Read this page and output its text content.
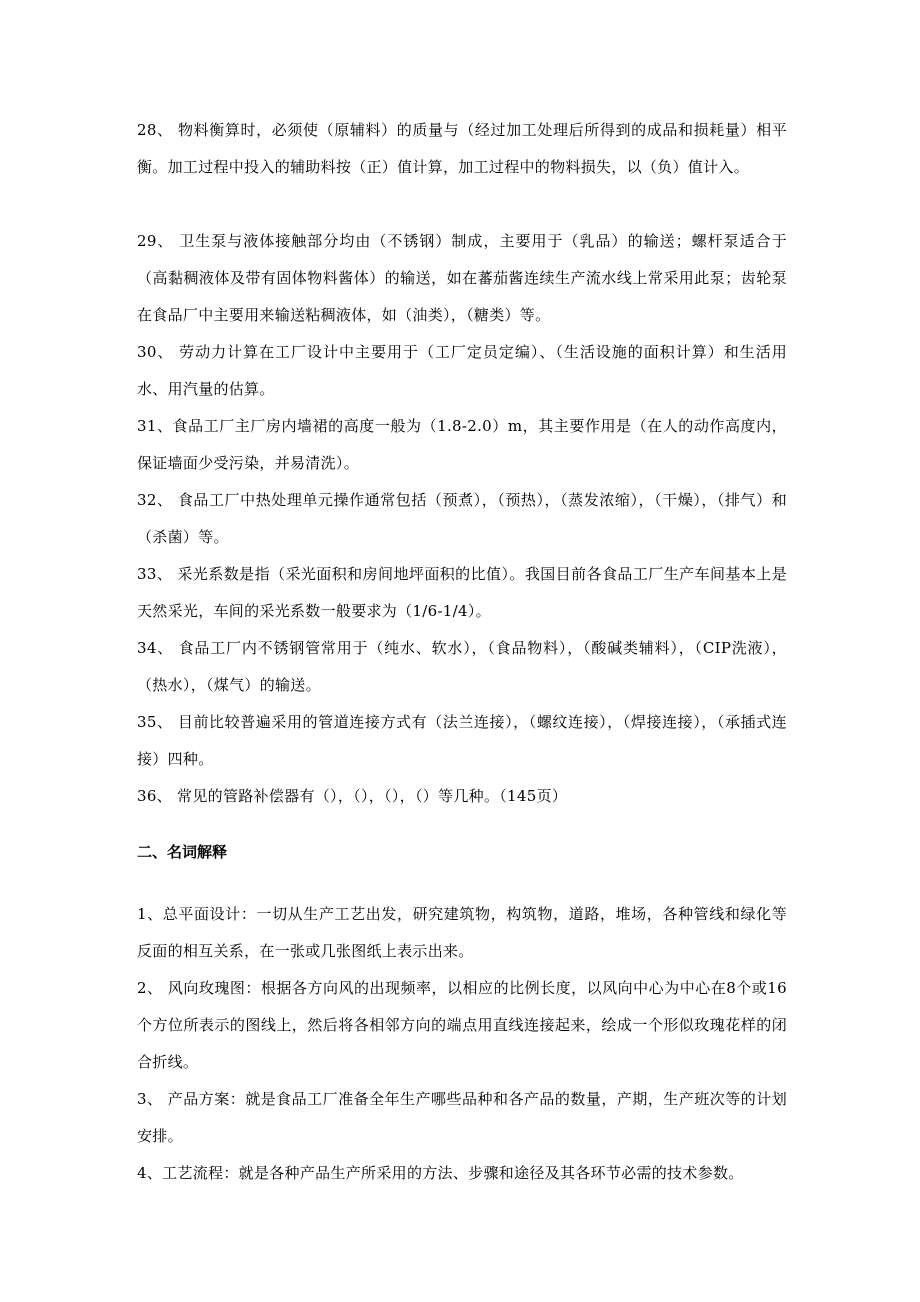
28、 物料衡算时，必须使（原辅料）的质量与（经过加工处理后所得到的成品和损耗量）相平衡。加工过程中投入的辅助料按（正）值计算，加工过程中的物料损失，以（负）值计入。

29、 卫生泵与液体接触部分均由（不锈钢）制成，主要用于（乳品）的输送；螺杆泵适合于（高黏稠液体及带有固体物料酱体）的输送，如在蕃茄酱连续生产流水线上常采用此泵；齿轮泵在食品厂中主要用来输送粘稠液体，如（油类），（糖类）等。

30、 劳动力计算在工厂设计中主要用于（工厂定员定编）、（生活设施的面积计算）和生活用水、用汽量的估算。

31、食品工厂主厂房内墙裙的高度一般为（1.8-2.0）m，其主要作用是（在人的动作高度内，保证墙面少受污染，并易清洗）。

32、 食品工厂中热处理单元操作通常包括（预煮），（预热），（蒸发浓缩），（干燥），（排气）和（杀菌）等。

33、 采光系数是指（采光面积和房间地坪面积的比值）。我国目前各食品工厂生产车间基本上是天然采光，车间的采光系数一般要求为（1/6-1/4）。

34、 食品工厂内不锈钢管常用于（纯水、软水），（食品物料），（酸碱类辅料），（CIP洗液），（热水），（煤气）的输送。

35、 目前比较普遍采用的管道连接方式有（法兰连接），（螺纹连接），（焊接连接），（承插式连接）四种。

36、 常见的管路补偿器有（），（），（），（）等几种。（145页）

二、名词解释

1、总平面设计：一切从生产工艺出发，研究建筑物，构筑物，道路，堆场，各种管线和绿化等反面的相互关系，在一张或几张图纸上表示出来。

2、 风向玫瑰图：根据各方向风的出现频率，以相应的比例长度，以风向中心为中心在8个或16个方位所表示的图线上，然后将各相邻方向的端点用直线连接起来，绘成一个形似玫瑰花样的闭合折线。

3、 产品方案：就是食品工厂准备全年生产哪些品种和各产品的数量，产期，生产班次等的计划安排。

4、工艺流程：就是各种产品生产所采用的方法、步骤和途径及其各环节必需的技术参数。
